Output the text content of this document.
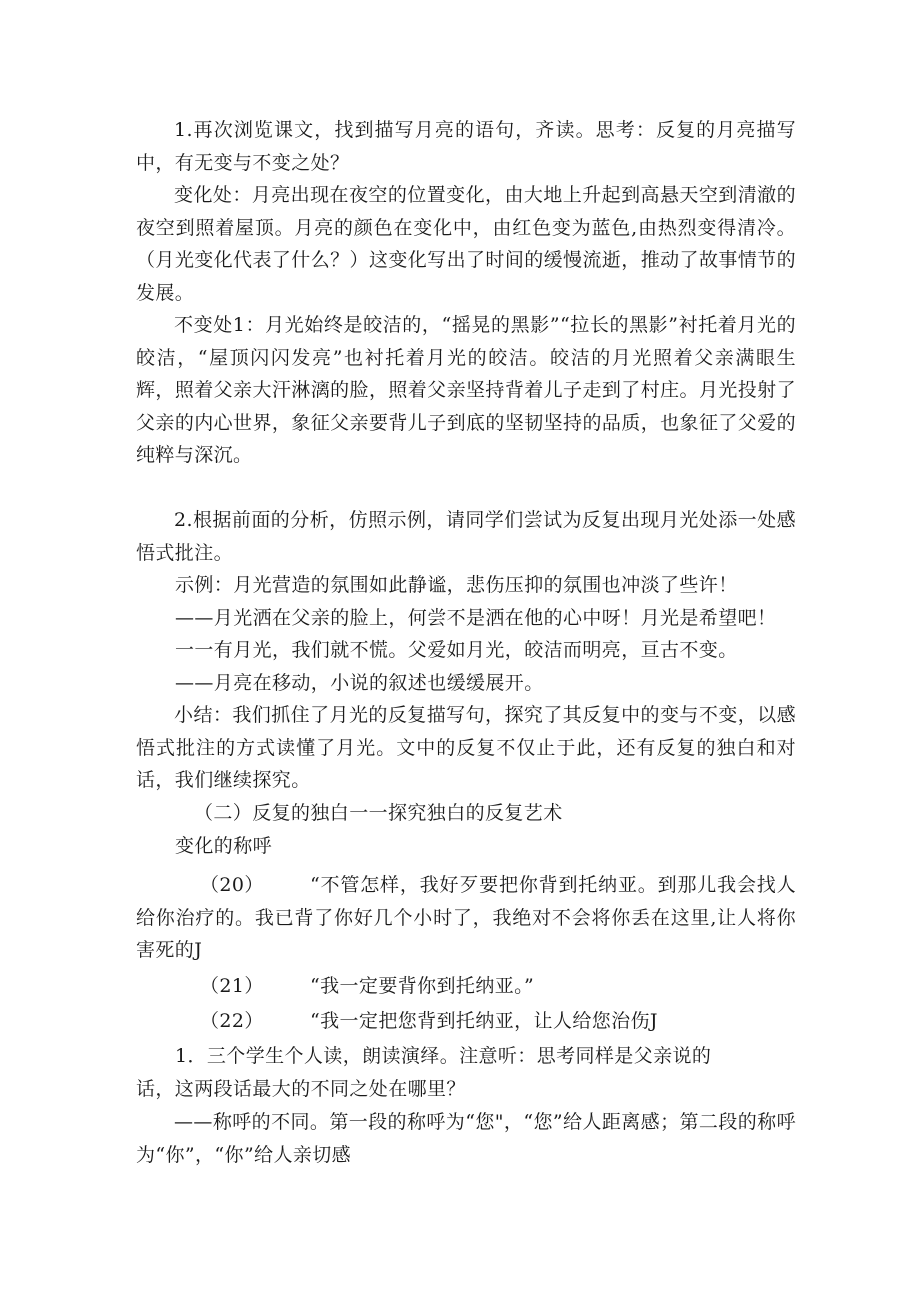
1.再次浏览课文，找到描写月亮的语句，齐读。思考：反复的月亮描写中，有无变与不变之处？

变化处：月亮出现在夜空的位置变化，由大地上升起到高悬天空到清澈的夜空到照着屋顶。月亮的颜色在变化中，由红色变为蓝色,由热烈变得清冷。（月光变化代表了什么？）这变化写出了时间的缓慢流逝，推动了故事情节的发展。

不变处1：月光始终是皎洁的，“摇晃的黑影”“拉长的黑影”衬托着月光的皎洁，“屋顶闪闪发亮”也衬托着月光的皎洁。皎洁的月光照着父亲满眼生辉，照着父亲大汗淋漓的脸，照着父亲坚持背着儿子走到了村庄。月光投射了父亲的内心世界，象征父亲要背儿子到底的坚韧坚持的品质，也象征了父爱的纯粹与深沉。

2.根据前面的分析，仿照示例，请同学们尝试为反复出现月光处添一处感悟式批注。

示例：月光营造的氛围如此静谧，悲伤压抑的氛围也冲淡了些许！

——月光洒在父亲的脸上，何尝不是洒在他的心中呀！月光是希望吧！

一一有月光，我们就不慌。父爱如月光，皎洁而明亮，亘古不变。

——月亮在移动，小说的叙述也缓缓展开。

小结：我们抓住了月光的反复描写句，探究了其反复中的变与不变，以感悟式批注的方式读懂了月光。文中的反复不仅止于此，还有反复的独白和对话，我们继续探究。

（二）反复的独白一一探究独白的反复艺术

变化的称呼

（20）	“不管怎样，我好歹要把你背到托纳亚。到那儿我会找人给你治疗的。我已背了你好几个小时了，我绝对不会将你丢在这里,让人将你害死的J

（21） “我一定要背你到托纳亚。”

（22） “我一定把您背到托纳亚，让人给您治伤J

1．三个学生个人读，朗读演绎。注意听：思考同样是父亲说的

话，这两段话最大的不同之处在哪里？

——称呼的不同。第一段的称呼为“您"，“您”给人距离感；第二段的称呼为“你”，“你”给人亲切感
